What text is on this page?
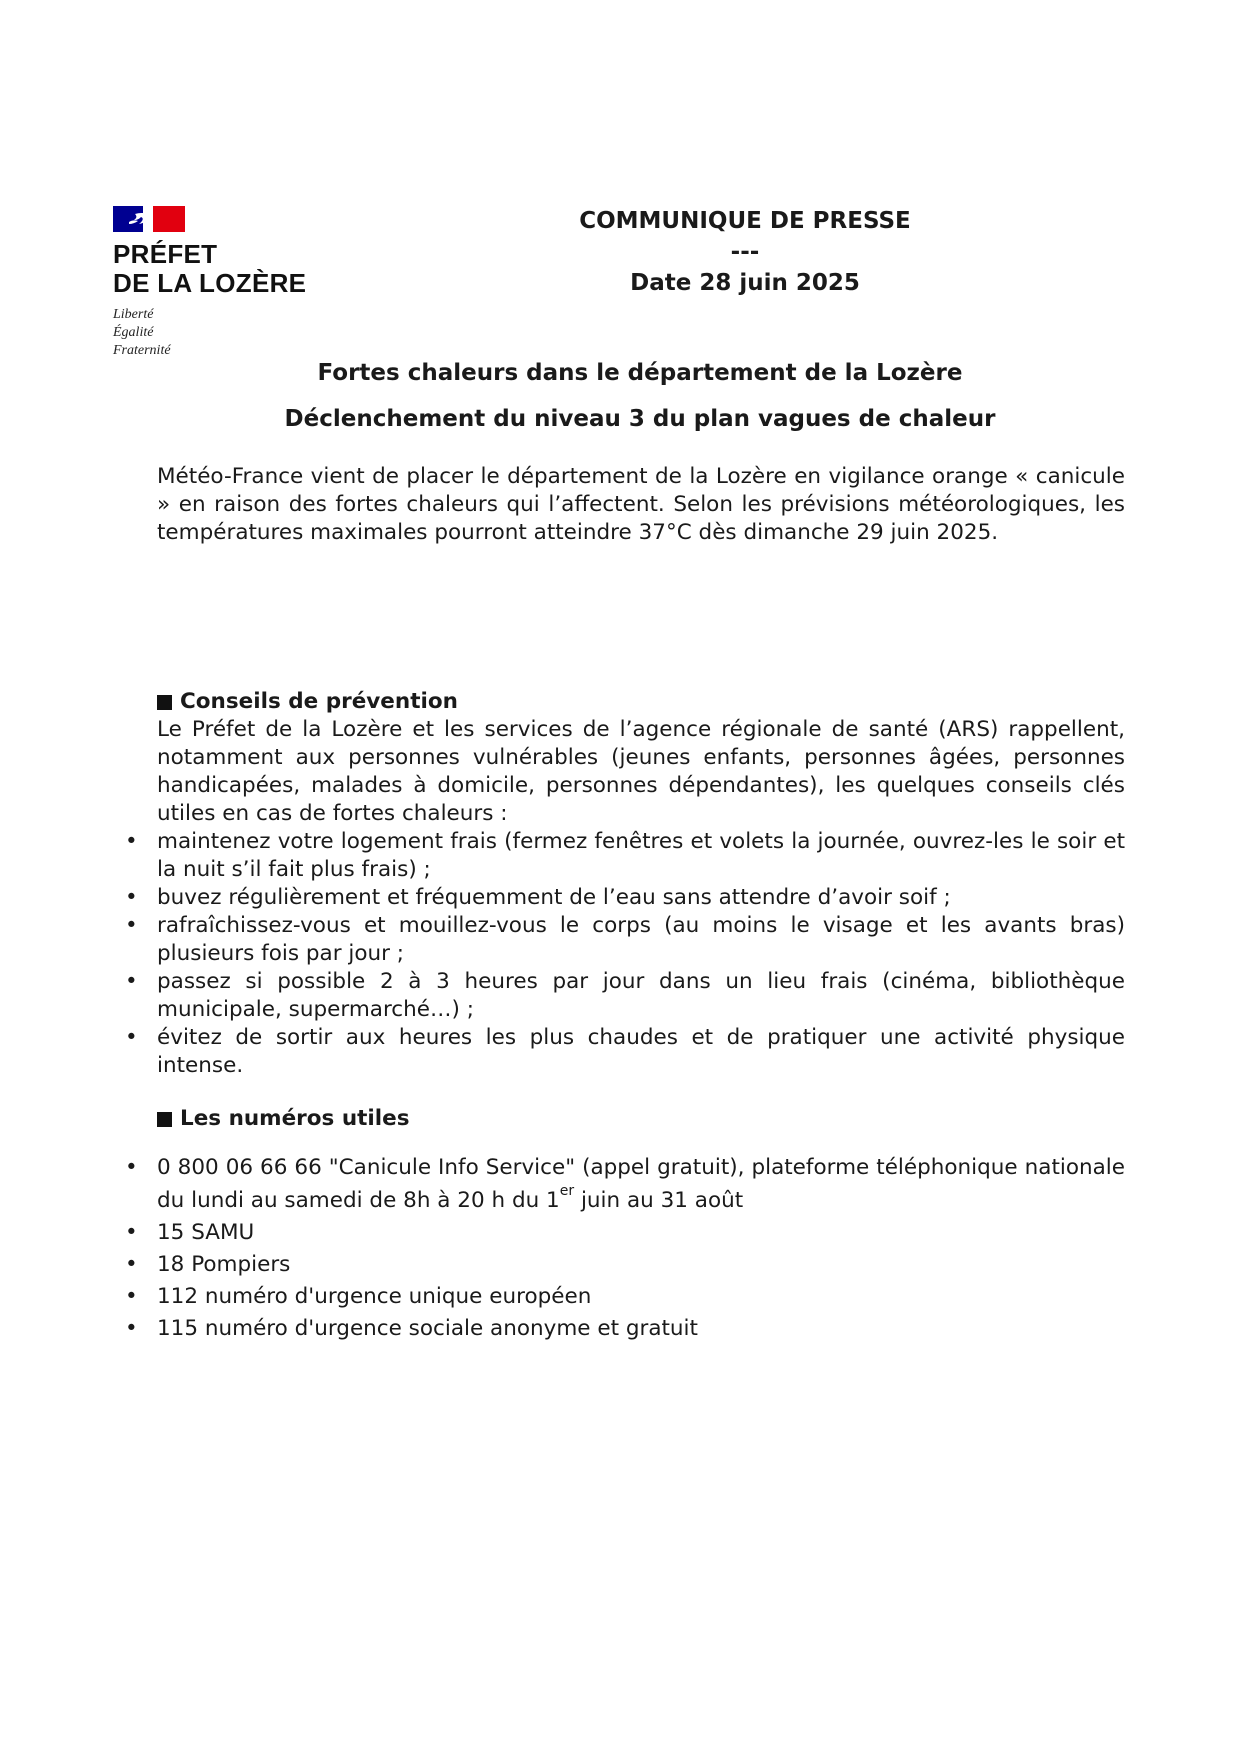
PRÉFET
DE LA LOZÈRE
Liberté
Égalité
Fraternité
COMMUNIQUE DE PRESSE
---
Date 28 juin 2025
Fortes chaleurs dans le département de la Lozère
Déclenchement du niveau 3 du plan vagues de chaleur
Météo-France vient de placer le département de la Lozère en vigilance orange « canicule » en raison des fortes chaleurs qui l’affectent. Selon les prévisions météorologiques, les températures maximales pourront atteindre 37°C dès dimanche 29 juin 2025.
Conseils de prévention
Le Préfet de la Lozère et les services de l’agence régionale de santé (ARS) rappellent, notamment aux personnes vulnérables (jeunes enfants, personnes âgées, personnes handicapées, malades à domicile, personnes dépendantes), les quelques conseils clés utiles en cas de fortes chaleurs :
• maintenez votre logement frais (fermez fenêtres et volets la journée, ouvrez-les le soir et la nuit s’il fait plus frais) ;
• buvez régulièrement et fréquemment de l’eau sans attendre d’avoir soif ;
• rafraîchissez-vous et mouillez-vous le corps (au moins le visage et les avants bras) plusieurs fois par jour ;
• passez si possible 2 à 3 heures par jour dans un lieu frais (cinéma, bibliothèque municipale, supermarché…) ;
• évitez de sortir aux heures les plus chaudes et de pratiquer une activité physique intense.
Les numéros utiles
• 0 800 06 66 66 "Canicule Info Service" (appel gratuit), plateforme téléphonique nationale du lundi au samedi de 8h à 20 h du 1er juin au 31 août
• 15 SAMU
• 18 Pompiers
• 112 numéro d'urgence unique européen
• 115 numéro d'urgence sociale anonyme et gratuit
